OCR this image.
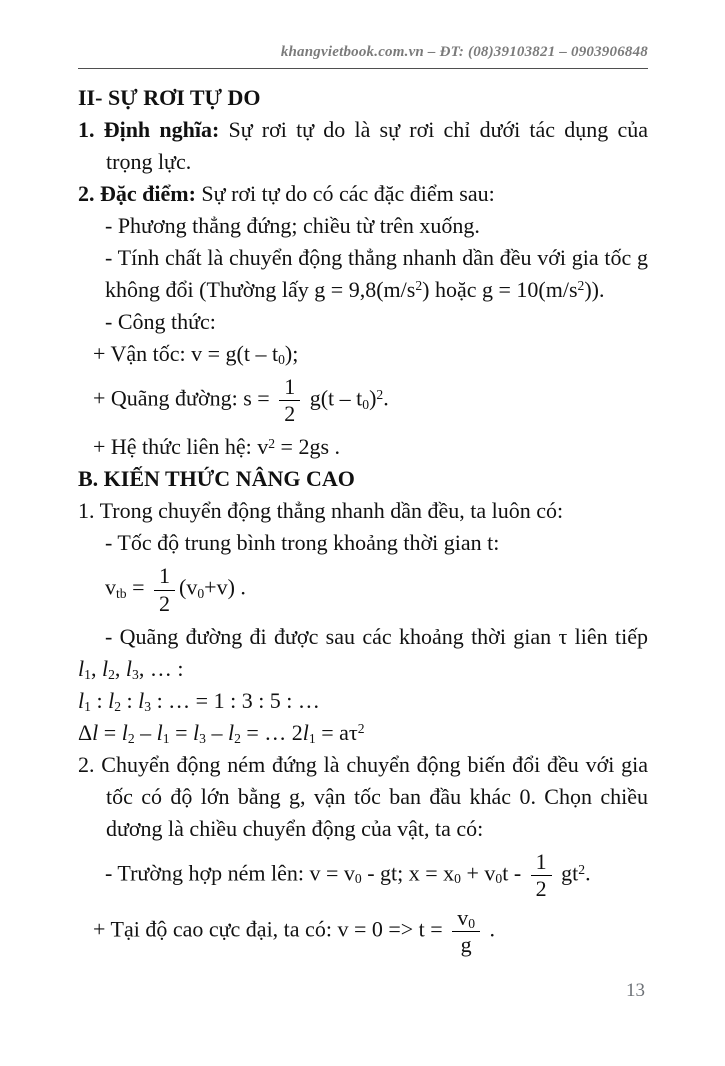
khangvietbook.com.vn – ĐT: (08)39103821 – 0903906848
II- SỰ RƠI TỰ DO
1. Định nghĩa: Sự rơi tự do là sự rơi chỉ dưới tác dụng của trọng lực.
2. Đặc điểm: Sự rơi tự do có các đặc điểm sau:
- Phương thẳng đứng; chiều từ trên xuống.
- Tính chất là chuyển động thẳng nhanh dần đều với gia tốc g không đổi (Thường lấy $g = 9,8(m/s^2)$ hoặc $g = 10(m/s^2)$).
- Công thức:
+ Vận tốc: v = g(t – t0);
+ Quãng đường: $s = \frac{1}{2} g(t - t0)^2$.
+ Hệ thức liên hệ: $v^2 = 2gs$ .
B. KIẾN THỨC NÂNG CAO
1. Trong chuyển động thẳng nhanh dần đều, ta luôn có:
- Tốc độ trung bình trong khoảng thời gian t:
vtb = $\frac{1}{2} (v0+v)$ .
- Quãng đường đi được sau các khoảng thời gian τ liên tiếp l1, l2, l3, … :
l1 : l2 : l3 : … = 1 : 3 : 5 : …
Δl = l2 – l1 = l3 – l2 = … $2l1 = a\tau^2$
2. Chuyển động ném đứng là chuyển động biến đổi đều với gia tốc có độ lớn bằng g, vận tốc ban đầu khác 0. Chọn chiều dương là chiều chuyển động của vật, ta có:
- Trường hợp ném lên: v = v0 - gt; $x = x0 + v0t - \frac{1}{2} gt^2$.
+ Tại độ cao cực đại, ta có: $v = 0 => t = \frac{v0}{g}$ .
13
